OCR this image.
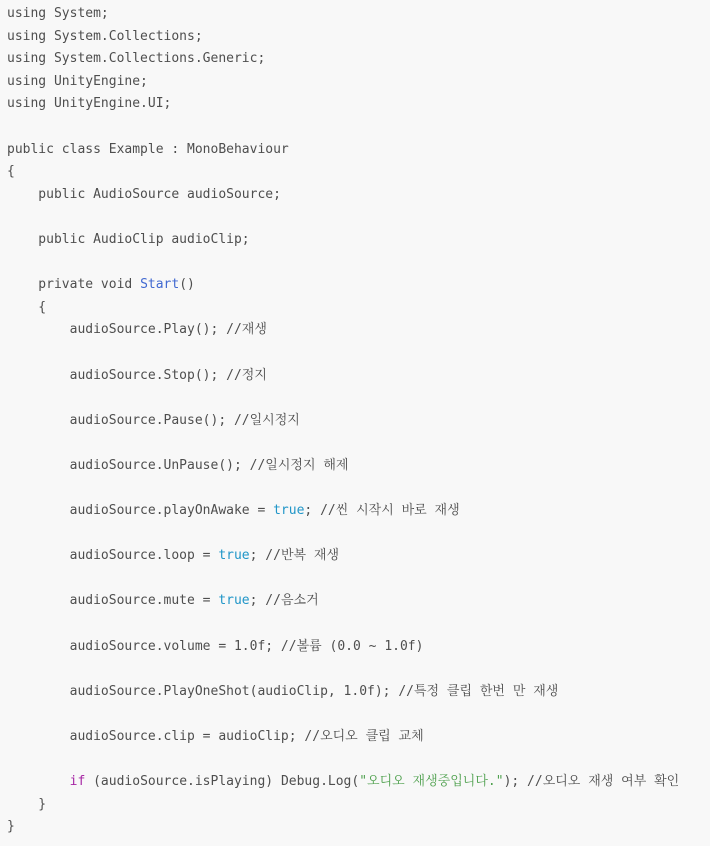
using System;
using System.Collections;
using System.Collections.Generic;
using UnityEngine;
using UnityEngine.UI;

public class Example : MonoBehaviour
{
public AudioSource audioSource;

public AudioClip audioClip;

private void Start()
{
audioSource.Play(); //재생

audioSource.Stop(); //정지

audioSource.Pause(); //일시정지

audioSource.UnPause(); //일시정지 해제

audioSource.playOnAwake = true; //씬 시작시 바로 재생

audioSource.loop = true; //반복 재생

audioSource.mute = true; //음소거

audioSource.volume = 1.0f; //볼륨 (0.0 ~ 1.0f)

audioSource.PlayOneShot(audioClip, 1.0f); //특정 클립 한번 만 재생

audioSource.clip = audioClip; //오디오 클립 교체

if (audioSource.isPlaying) Debug.Log("오디오 재생중입니다."); //오디오 재생 여부 확인
}
}
